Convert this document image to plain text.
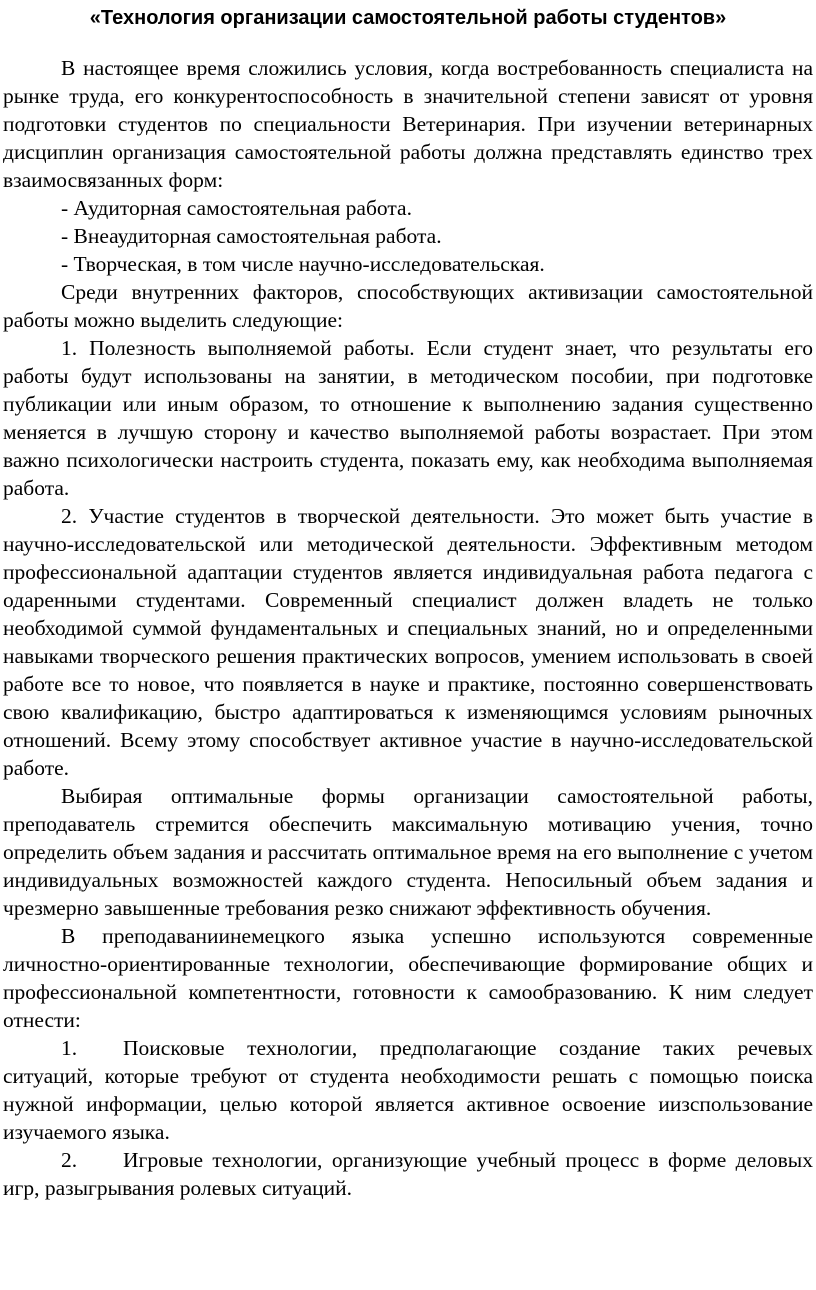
«Технология организации самостоятельной работы студентов»

В настоящее время сложились условия, когда востребованность специалиста на рынке труда, его конкурентоспособность в значительной степени зависят от уровня подготовки студентов по специальности Ветеринария. При изучении ветеринарных дисциплин организация самостоятельной работы должна представлять единство трех взаимосвязанных форм:

- Аудиторная самостоятельная работа.

- Внеаудиторная самостоятельная работа.

- Творческая, в том числе научно-исследовательская.

Среди внутренних факторов, способствующих активизации самостоятельной работы можно выделить следующие:

1. Полезность выполняемой работы. Если студент знает, что результаты его работы будут использованы на занятии, в методическом пособии, при подготовке публикации или иным образом, то отношение к выполнению задания существенно меняется в лучшую сторону и качество выполняемой работы возрастает. При этом важно психологически настроить студента, показать ему, как необходима выполняемая работа.

2. Участие студентов в творческой деятельности. Это может быть участие в научно-исследовательской или методической деятельности. Эффективным методом профессиональной адаптации студентов является индивидуальная работа педагога с одаренными студентами. Современный специалист должен владеть не только необходимой суммой фундаментальных и специальных знаний, но и определенными навыками творческого решения практических вопросов, умением использовать в своей работе все то новое, что появляется в науке и практике, постоянно совершенствовать свою квалификацию, быстро адаптироваться к изменяющимся условиям рыночных отношений. Всему этому способствует активное участие в научно-исследовательской работе.

Выбирая оптимальные формы организации самостоятельной работы, преподаватель стремится обеспечить максимальную мотивацию учения, точно определить объем задания и рассчитать оптимальное время на его выполнение с учетом индивидуальных возможностей каждого студента. Непосильный объем задания и чрезмерно завышенные требования резко снижают эффективность обучения.

В преподаваниинемецкого языка успешно используются современные личностно-ориентированные технологии, обеспечивающие формирование общих и профессиональной компетентности, готовности к самообразованию. К ним следует отнести:

1. Поисковые технологии, предполагающие создание таких речевых ситуаций, которые требуют от студента необходимости решать с помощью поиска нужной информации, целью которой является активное освоение иизспользование изучаемого языка.

2. Игровые технологии, организующие учебный процесс в форме деловых игр, разыгрывания ролевых ситуаций.
